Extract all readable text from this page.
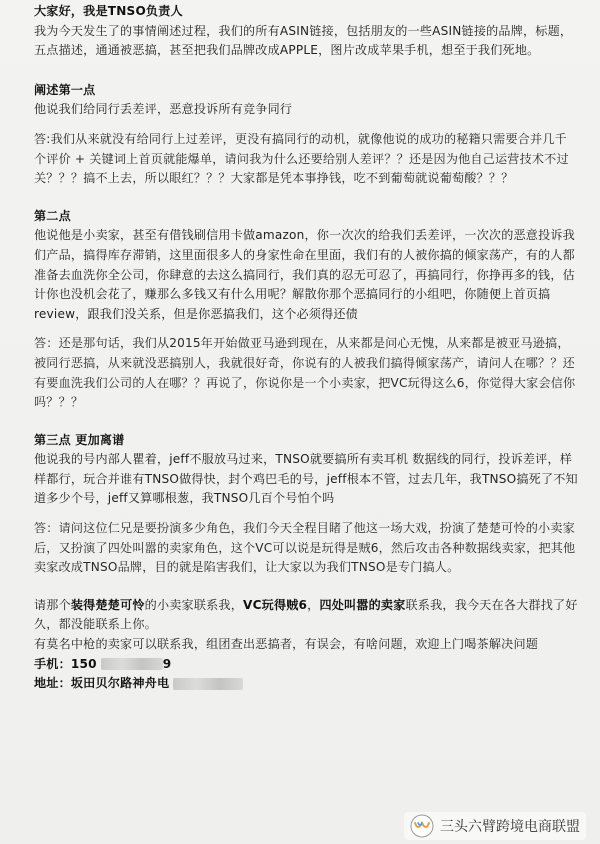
大家好，我是TNSO负责人

我为今天发生了的事情阐述过程，我们的所有ASIN链接，包括朋友的一些ASIN链接的品牌，标题，五点描述，通通被恶搞，甚至把我们品牌改成APPLE，图片改成苹果手机，想至于我们死地。

阐述第一点

他说我们给同行丢差评，恶意投诉所有竞争同行

答:我们从来就没有给同行上过差评，更没有搞同行的动机，就像他说的成功的秘籍只需要合并几千个评价 + 关键词上首页就能爆单，请问我为什么还要给别人差评？？还是因为他自己运营技术不过关？？？搞不上去，所以眼红？？？大家都是凭本事挣钱，吃不到葡萄就说葡萄酸？？？

第二点

他说他是小卖家，甚至有借钱刷信用卡做amazon，你一次次的给我们丢差评，一次次的恶意投诉我们产品，搞得库存滞销，这里面很多人的身家性命在里面，我们有的人被你搞的倾家荡产，有的人都准备去血洗你全公司，你肆意的去这么搞同行，我们真的忍无可忍了，再搞同行，你挣再多的钱，估计你也没机会花了，赚那么多钱又有什么用呢？解散你那个恶搞同行的小组吧，你随便上首页搞review，跟我们没关系，但是你恶搞我们，这个必须得还债

答：还是那句话，我们从2015年开始做亚马逊到现在，从来都是问心无愧，从来都是被亚马逊搞，被同行恶搞，从来就没恶搞别人，我就很好奇，你说有的人被我们搞得倾家荡产，请问人在哪？？还有要血洗我们公司的人在哪？？再说了，你说你是一个小卖家，把VC玩得这么6，你觉得大家会信你吗？？？

第三点 更加离谱

他说我的号内部人瞿着，jeff不服放马过来，TNSO就要搞所有卖耳机 数据线的同行，投诉差评，样样都行，玩合并谁有TNSO做得快，封个鸡巴毛的号，jeff根本不管，过去几年，我TNSO搞死了不知道多少个号，jeff又算哪根葱，我TNSO几百个号怕个吗

答：请问这位仁兄是要扮演多少角色，我们今天全程目睹了他这一场大戏，扮演了楚楚可怜的小卖家后，又扮演了四处叫嚣的卖家角色，这个VC可以说是玩得是贼6，然后攻击各种数据线卖家，把其他卖家改成TNSO品牌，目的就是陷害我们，让大家以为我们TNSO是专门搞人。

请那个装得楚楚可怜的小卖家联系我，VC玩得贼6，四处叫嚣的卖家联系我，我今天在各大群找了好久，都没能联系上你。

有莫名中枪的卖家可以联系我，组团查出恶搞者，有误会，有啥问题，欢迎上门喝茶解决问题

手机： 150	9
地址： 坂田贝尔路神舟电
三头六臂跨境电商联盟
